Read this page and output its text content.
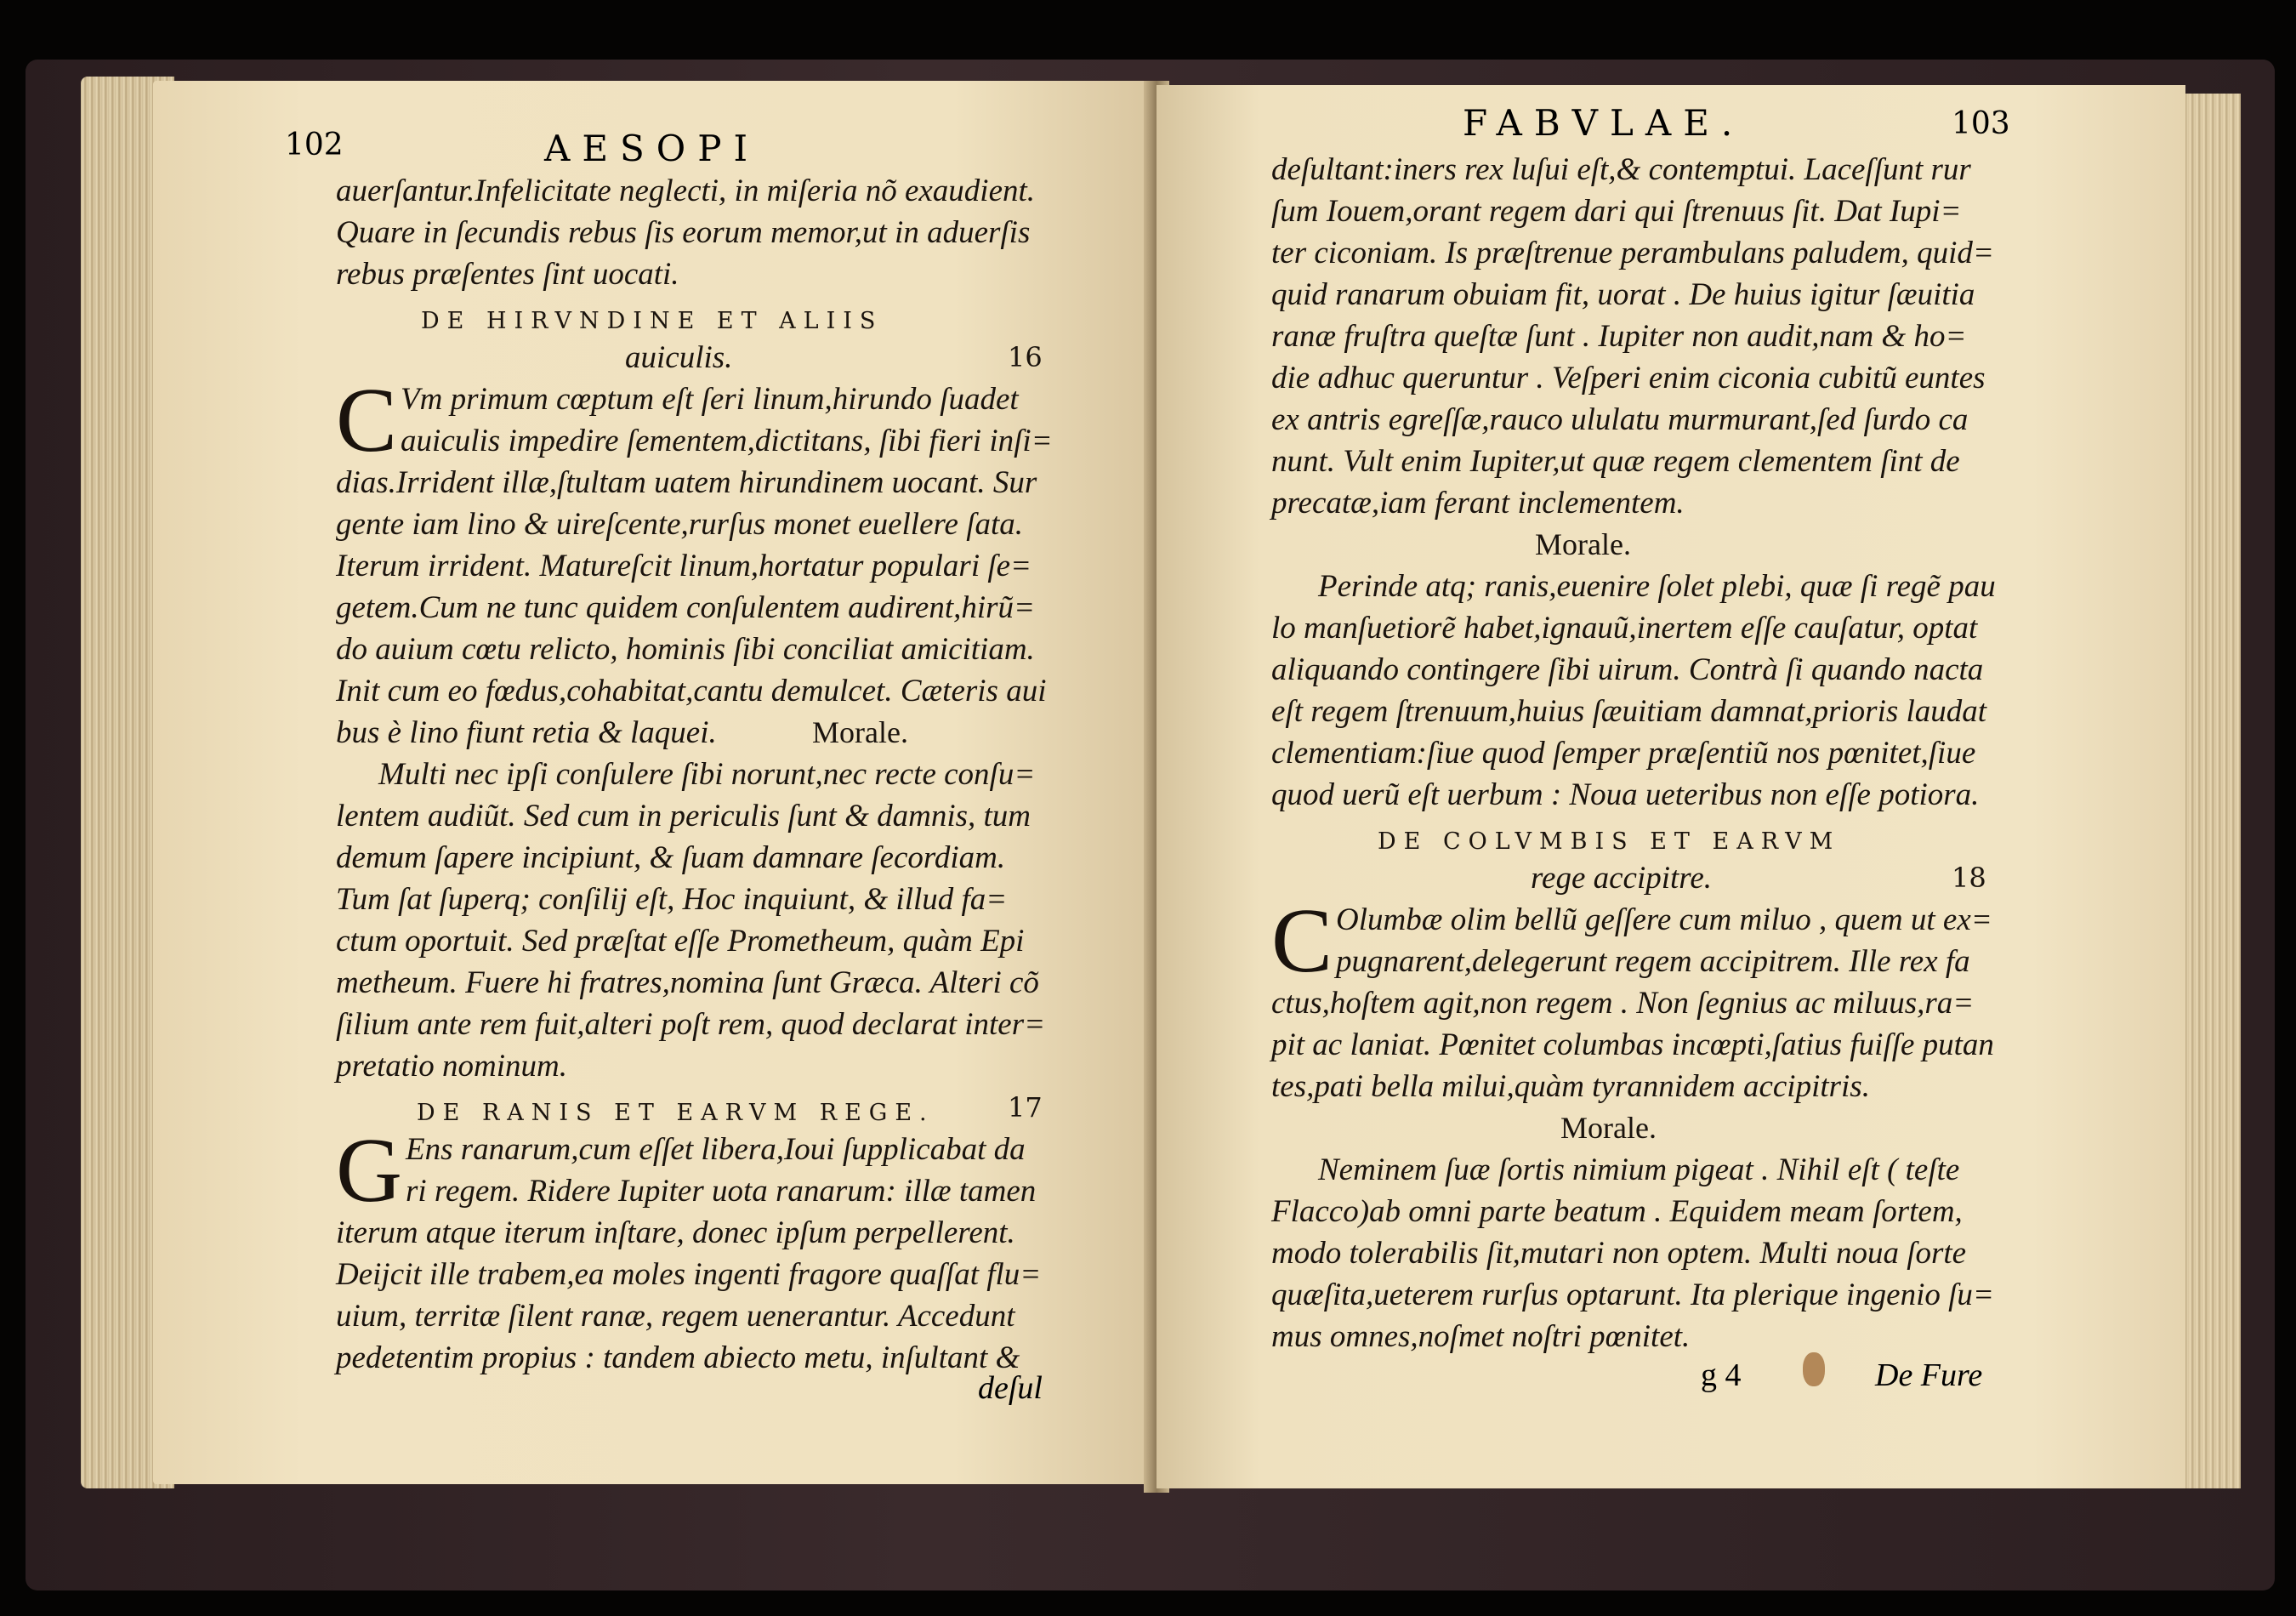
102	AESOPI
auerſantur.Infelicitate neglecti, in miſeria nõ exaudient.
Quare in ſecundis rebus ſis eorum memor,ut in aduerſis
rebus præſentes ſint uocati.
DE HIRVNDINE ET ALIIS
auiculis.	16
C Vm primum cœptum eſt ſeri linum,hirundo ſuadet
auiculis impedire ſementem,dictitans, ſibi fieri inſi=
dias.Irrident illæ,ſtultam uatem hirundinem uocant. Sur
gente iam lino & uireſcente,rurſus monet euellere ſata.
Iterum irrident. Matureſcit linum,hortatur populari ſe=
getem.Cum ne tunc quidem conſulentem audirent,hirũ=
do auium cœtu relicto, hominis ſibi conciliat amicitiam.
Init cum eo fœdus,cohabitat,cantu demulcet. Cæteris aui
bus è lino fiunt retia & laquei.	Morale.
Multi nec ipſi conſulere ſibi norunt,nec recte conſu=
lentem audiũt. Sed cum in periculis ſunt & damnis, tum
demum ſapere incipiunt, & ſuam damnare ſecordiam.
Tum ſat ſuperq; conſilij eſt, Hoc inquiunt, & illud fa=
ctum oportuit. Sed præſtat eſſe Prometheum, quàm Epi
metheum. Fuere hi fratres,nomina ſunt Græca. Alteri cõ
ſilium ante rem fuit,alteri poſt rem, quod declarat inter=
pretatio nominum.
DE RANIS ET EARVM REGE.	17
G Ens ranarum,cum eſſet libera,Ioui ſupplicabat da
ri regem. Ridere Iupiter uota ranarum: illæ tamen
iterum atque iterum inſtare, donec ipſum perpellerent.
Deijcit ille trabem,ea moles ingenti fragore quaſſat flu=
uium, territæ ſilent ranæ, regem uenerantur. Accedunt
pedetentim propius : tandem abiecto metu, inſultant &
deſul
FABVLAE.	103
deſultant:iners rex luſui eſt,& contemptui. Laceſſunt rur
ſum Iouem,orant regem dari qui ſtrenuus ſit. Dat Iupi=
ter ciconiam. Is præſtrenue perambulans paludem, quid=
quid ranarum obuiam fit, uorat . De huius igitur ſæuitia
ranæ fruſtra queſtæ ſunt . Iupiter non audit,nam & ho=
die adhuc queruntur . Veſperi enim ciconia cubitũ euntes
ex antris egreſſæ,rauco ululatu murmurant,ſed ſurdo ca
nunt. Vult enim Iupiter,ut quæ regem clementem ſint de
precatæ,iam ferant inclementem.
Morale.
Perinde atq; ranis,euenire ſolet plebi, quæ ſi regẽ pau
lo manſuetiorẽ habet,ignauũ,inertem eſſe cauſatur, optat
aliquando contingere ſibi uirum. Contrà ſi quando nacta
eſt regem ſtrenuum,huius ſæuitiam damnat,prioris laudat
clementiam:ſiue quod ſemper præſentiũ nos pœnitet,ſiue
quod uerũ eſt uerbum : Noua ueteribus non eſſe potiora.
DE COLVMBIS ET EARVM
rege accipitre.	18
C Olumbæ olim bellũ geſſere cum miluo , quem ut ex=
pugnarent,delegerunt regem accipitrem. Ille rex fa
ctus,hoſtem agit,non regem . Non ſegnius ac miluus,ra=
pit ac laniat. Pœnitet columbas incœpti,ſatius fuiſſe putan
tes,pati bella milui,quàm tyrannidem accipitris.
Morale.
Neminem ſuæ ſortis nimium pigeat . Nihil eſt ( teſte
Flacco)ab omni parte beatum . Equidem meam ſortem,
modo tolerabilis ſit,mutari non optem. Multi noua ſorte
quæſita,ueterem rurſus optarunt. Ita plerique ingenio ſu=
mus omnes,noſmet noſtri pœnitet.
g 4	De Fure
